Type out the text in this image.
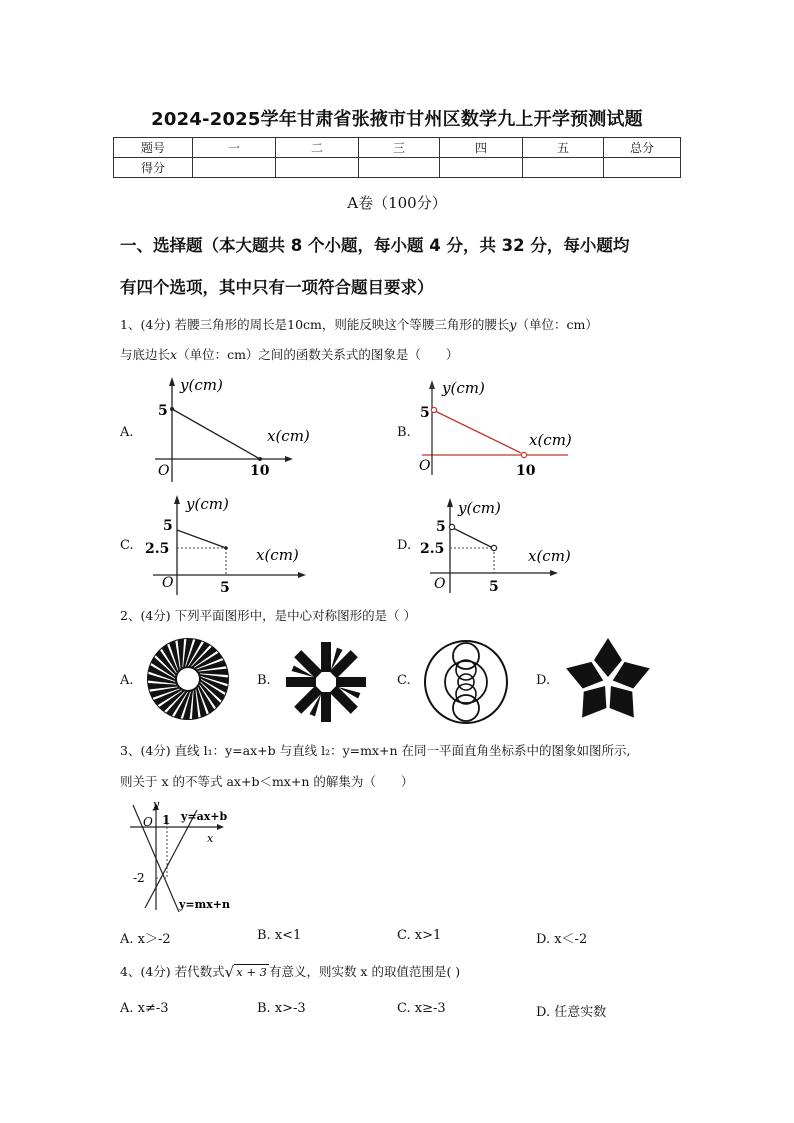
2024-2025学年甘肃省张掖市甘州区数学九上开学预测试题
题号	一	二	三	四	五	总分
得分						
A卷（100分）
一、选择题（本大题共 8 个小题，每小题 4 分，共 32 分，每小题均
有四个选项，其中只有一项符合题目要求）
1、(4分) 若腰三角形的周长是10cm，则能反映这个等腰三角形的腰长y（单位：cm）
与底边长x（单位：cm）之间的函数关系式的图象是（　　）
A.
y(cm)
x(cm)
5
O	10
B.
y(cm)
x(cm)
5
O	10
C.
y(cm)
x(cm)
5
2.5
O	5
D.
y(cm)
x(cm)
5
2.5
O	5
2、(4分) 下列平面图形中，是中心对称图形的是（ ）
A.	B.	C.	D.
3、(4分) 直线 l₁：y=ax+b 与直线 l₂：y=mx+n 在同一平面直角坐标系中的图象如图所示,
则关于 x 的不等式 ax+b＜mx+n 的解集为（　　）
y
x
O 1
-2
y=ax+b
y=mx+n
A. x＞-2	B. x<1	C. x>1	D. x＜-2
4、(4分) 若代数式√ x + 3 有意义，则实数 x 的取值范围是( )
A. x≠-3	B. x>-3	C. x≥-3	D. 任意实数
